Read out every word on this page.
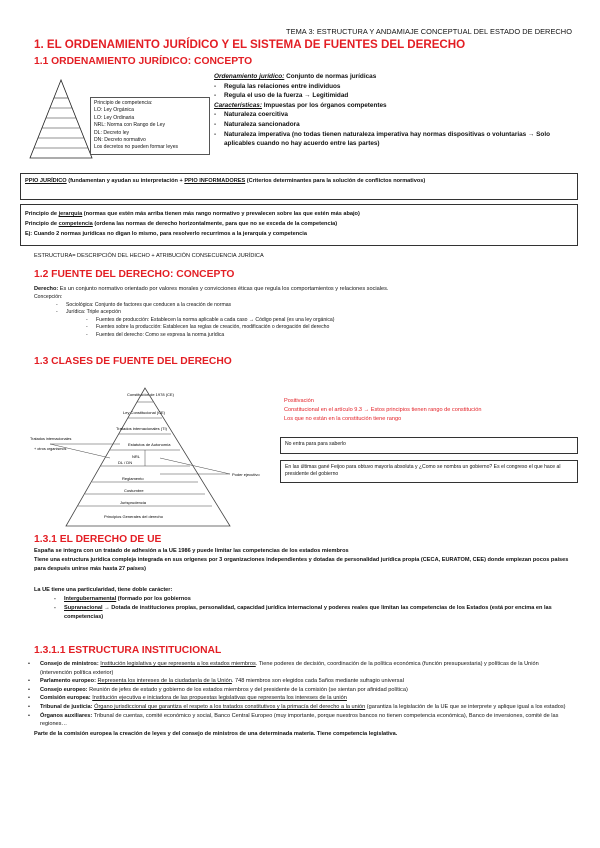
TEMA 3: ESTRUCTURA Y ANDAMIAJE CONCEPTUAL DEL ESTADO DE DERECHO
1. EL ORDENAMIENTO JURÍDICO Y EL SISTEMA DE FUENTES DEL DERECHO
1.1 ORDENAMIENTO JURÍDICO: CONCEPTO
Principio de competencia:
LO: Ley Orgánica
LO: Ley Ordinaria
NRL: Norma con Rango de Ley
DL: Decreto ley
DN: Decreto normativo
Los decretos no pueden formar leyes
Ordenamiento jurídico: Conjunto de normas jurídicas
- Regula las relaciones entre individuos
- Regula el uso de la fuerza → Legitimidad
Características: Impuestas por los órganos competentes
- Naturaleza coercitiva
- Naturaleza sancionadora
- Naturaleza imperativa (no todas tienen naturaleza imperativa hay normas dispositivas o voluntarias → Solo aplicables cuando no hay acuerdo entre las partes)
PPIO JURÍDICO (fundamentan y ayudan su interpretación + PPIO INFORMADORES (Criterios determinantes para la solución de conflictos normativos)
Principio de jerarquía (normas que estén más arriba tienen más rango normativo y prevalecen sobre las que estén más abajo)
Principio de competencia (ordena las normas de derecho horizontalmente, para que no se exceda de la competencia)
Ej: Cuando 2 normas jurídicas no digan lo mismo, para resolverlo recurrimos a la jerarquía y competencia
ESTRUCTURA= DESCRIPCIÓN DEL HECHO + ATRIBUCIÓN CONSECUENCIA JURÍDICA
1.2 FUENTE DEL DERECHO: CONCEPTO
Derecho: Es un conjunto normativo orientado por valores morales y convicciones éticas que regula los comportamientos y relaciones sociales.
Concepción:
- Sociológica: Conjunto de factores que conducen a la creación de normas
- Jurídica: Triple acepción
- Fuentes de producción: Establecen la norma aplicable a cada caso → Código penal (es una ley orgánica)
- Fuentes sobre la producción: Establecen las reglas de creación, modificación o derogación del derecho
- Fuentes del derecho: Como se expresa la norma jurídica
1.3 CLASES DE FUENTE DEL DERECHO
Constitución de 1978 (CE)
Ley Constitucional (CE)
Tratados internacionales (TI)
Estatutos de Autonomía
NRL
DL / DN
Reglamento
Costumbre
Jurisprudencia
Principios Generales del derecho
Tratados internacionales
+ otros organismos
Poder ejecutivo
Positivación
Constitucional en el artículo 9.3 → Estos principios tienen rango de constitución
Los que no están en la constitución tiene rango
No entra para para saberlo
En las últimas gané Feijoo para obtuvo mayoría absoluta y ¿Como se nombra un gobierno? Es el congreso el que hace al presidente del gobierno
1.3.1 EL DERECHO DE UE
España se integra con un tratado de adhesión a la UE 1986 y puede limitar las competencias de los estados miembros
Tiene una estructura jurídica compleja integrada en sus orígenes por 3 organizaciones independientes y dotadas de personalidad jurídica propia (CECA, EURATOM, CEE) donde empiezan pocos países para después unirse más hasta 27 países)
La UE tiene una particularidad, tiene doble carácter:
- Intergubernamental (formado por los gobiernos
- Supranacional → Dotada de instituciones propias, personalidad, capacidad jurídica internacional y poderes reales que limitan las competencias de los Estados (está por encima en las competencias)
1.3.1.1 ESTRUCTURA INSTITUCIONAL
• Consejo de ministros: Institución legislativa y que representa a los estados miembros. Tiene poderes de decisión, coordinación de la política económica (función presupuestaria) y políticas de la Unión (intervención política exterior)
• Parlamento europeo: Representa los intereses de la ciudadanía de la Unión. 748 miembros son elegidos cada 5años mediante sufragio universal
• Consejo europeo: Reunión de jefes de estado y gobierno de los estados miembros y del presidente de la comisión (se sientan por afinidad política)
• Comisión europea: Institución ejecutiva e iniciadora de las propuestas legislativas que representa los intereses de la unión
• Tribunal de justicia: Órgano jurisdiccional que garantiza el respeto a los tratados constitutivos y la primacía del derecho a la unión (garantiza la legislación de la UE que se interprete y aplique igual a los estados)
• Órganos auxiliares: Tribunal de cuentas, comité económico y social, Banco Central Europeo (muy importante, porque nuestros bancos no tienen competencia económica), Banco de inversiones, comité de las regiones…
Parte de la comisión europea la creación de leyes y del consejo de ministros de una determinada materia. Tiene competencia legislativa.
